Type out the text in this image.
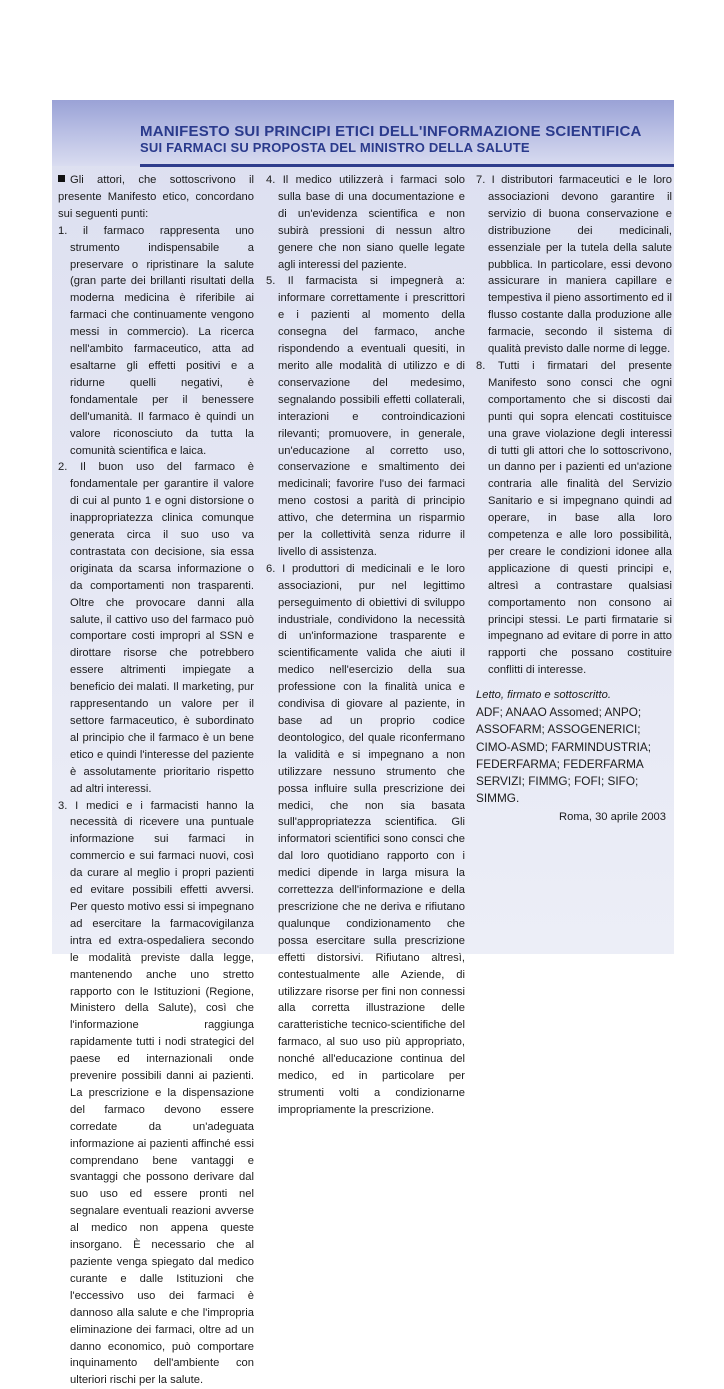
MANIFESTO SUI PRINCIPI ETICI DELL'INFORMAZIONE SCIENTIFICA
SUI FARMACI SU PROPOSTA DEL MINISTRO DELLA SALUTE

Gli attori, che sottoscrivono il presente Manifesto etico, concordano sui seguenti punti:

1. il farmaco rappresenta uno strumento indispensabile a preservare o ripristinare la salute (gran parte dei brillanti risultati della moderna medicina è riferibile ai farmaci che continuamente vengono messi in commercio). La ricerca nell'ambito farmaceutico, atta ad esaltarne gli effetti positivi e a ridurne quelli negativi, è fondamentale per il benessere dell'umanità. Il farmaco è quindi un valore riconosciuto da tutta la comunità scientifica e laica.

2. Il buon uso del farmaco è fondamentale per garantire il valore di cui al punto 1 e ogni distorsione o inappropriatezza clinica comunque generata circa il suo uso va contrastata con decisione, sia essa originata da scarsa informazione o da comportamenti non trasparenti. Oltre che provocare danni alla salute, il cattivo uso del farmaco può comportare costi impropri al SSN e dirottare risorse che potrebbero essere altrimenti impiegate a beneficio dei malati. Il marketing, pur rappresentando un valore per il settore farmaceutico, è subordinato al principio che il farmaco è un bene etico e quindi l'interesse del paziente è assolutamente prioritario rispetto ad altri interessi.

3. I medici e i farmacisti hanno la necessità di ricevere una puntuale informazione sui farmaci in commercio e sui farmaci nuovi, così da curare al meglio i propri pazienti ed evitare possibili effetti avversi. Per questo motivo essi si impegnano ad esercitare la farmacovigilanza intra ed extra-ospedaliera secondo le modalità previste dalla legge, mantenendo anche uno stretto rapporto con le Istituzioni (Regione, Ministero della Salute), così che l'informazione raggiunga rapidamente tutti i nodi strategici del paese ed internazionali onde prevenire possibili danni ai pazienti. La prescrizione e la dispensazione del farmaco devono essere corredate da un'adeguata informazione ai pazienti affinché essi comprendano bene vantaggi e svantaggi che possono derivare dal suo uso ed essere pronti nel segnalare eventuali reazioni avverse al medico non appena queste insorgano. È necessario che al paziente venga spiegato dal medico curante e dalle Istituzioni che l'eccessivo uso dei farmaci è dannoso alla salute e che l'impropria eliminazione dei farmaci, oltre ad un danno economico, può comportare inquinamento dell'ambiente con ulteriori rischi per la salute.

4. Il medico utilizzerà i farmaci solo sulla base di una documentazione e di un'evidenza scientifica e non subirà pressioni di nessun altro genere che non siano quelle legate agli interessi del paziente.

5. Il farmacista si impegnerà a: informare correttamente i prescrittori e i pazienti al momento della consegna del farmaco, anche rispondendo a eventuali quesiti, in merito alle modalità di utilizzo e di conservazione del medesimo, segnalando possibili effetti collaterali, interazioni e controindicazioni rilevanti; promuovere, in generale, un'educazione al corretto uso, conservazione e smaltimento dei medicinali; favorire l'uso dei farmaci meno costosi a parità di principio attivo, che determina un risparmio per la collettività senza ridurre il livello di assistenza.

6. I produttori di medicinali e le loro associazioni, pur nel legittimo perseguimento di obiettivi di sviluppo industriale, condividono la necessità di un'informazione trasparente e scientificamente valida che aiuti il medico nell'esercizio della sua professione con la finalità unica e condivisa di giovare al paziente, in base ad un proprio codice deontologico, del quale riconfermano la validità e si impegnano a non utilizzare nessuno strumento che possa influire sulla prescrizione dei medici, che non sia basata sull'appropriatezza scientifica. Gli informatori scientifici sono consci che dal loro quotidiano rapporto con i medici dipende in larga misura la correttezza dell'informazione e della prescrizione che ne deriva e rifiutano qualunque condizionamento che possa esercitare sulla prescrizione effetti distorsivi. Rifiutano altresì, contestualmente alle Aziende, di utilizzare risorse per fini non connessi alla corretta illustrazione delle caratteristiche tecnico-scientifiche del farmaco, al suo uso più appropriato, nonché all'educazione continua del medico, ed in particolare per strumenti volti a condizionarne impropriamente la prescrizione.

7. I distributori farmaceutici e le loro associazioni devono garantire il servizio di buona conservazione e distribuzione dei medicinali, essenziale per la tutela della salute pubblica. In particolare, essi devono assicurare in maniera capillare e tempestiva il pieno assortimento ed il flusso costante dalla produzione alle farmacie, secondo il sistema di qualità previsto dalle norme di legge.

8. Tutti i firmatari del presente Manifesto sono consci che ogni comportamento che si discosti dai punti qui sopra elencati costituisce una grave violazione degli interessi di tutti gli attori che lo sottoscrivono, un danno per i pazienti ed un'azione contraria alle finalità del Servizio Sanitario e si impegnano quindi ad operare, in base alla loro competenza e alle loro possibilità, per creare le condizioni idonee alla applicazione di questi principi e, altresì a contrastare qualsiasi comportamento non consono ai principi stessi. Le parti firmatarie si impegnano ad evitare di porre in atto rapporti che possano costituire conflitti di interesse.

Letto, firmato e sottoscritto.

ADF; ANAAO Assomed; ANPO; ASSOFARM; ASSOGENERICI; CIMO-ASMD; FARMINDUSTRIA; FEDERFARMA; FEDERFARMA SERVIZI; FIMMG; FOFI; SIFO; SIMMG.

Roma, 30 aprile 2003
